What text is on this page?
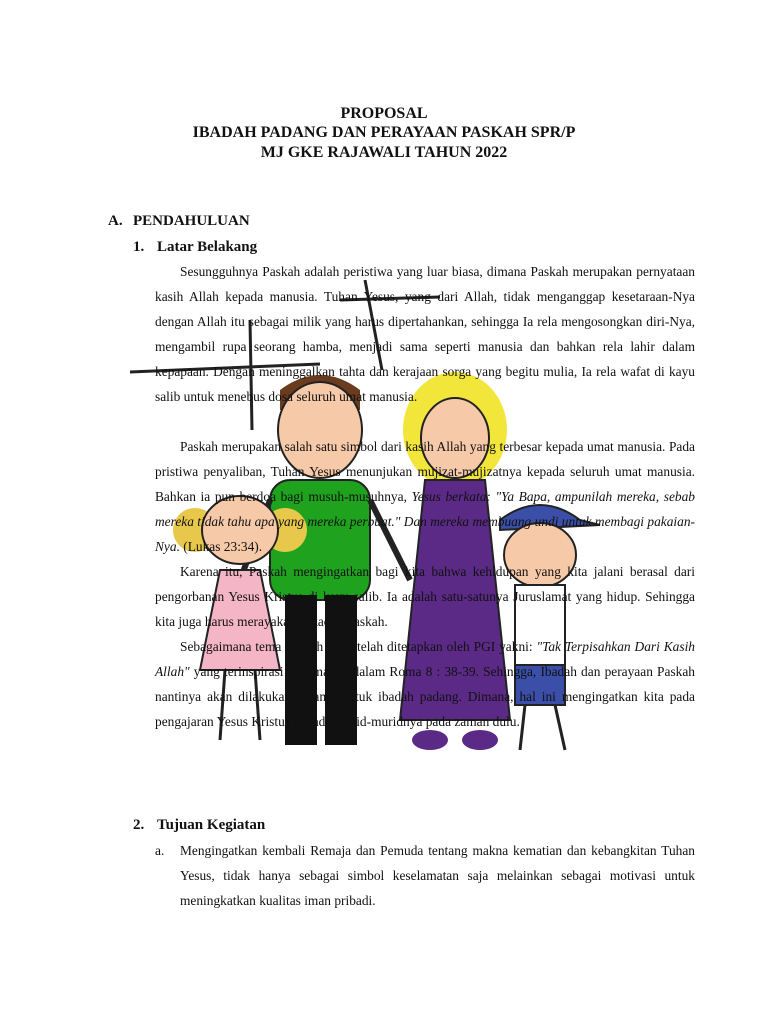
PROPOSAL
IBADAH PADANG DAN PERAYAAN PASKAH SPR/P
MJ GKE RAJAWALI TAHUN 2022
A. PENDAHULUAN
1. Latar Belakang
Sesungguhnya Paskah adalah peristiwa yang luar biasa, dimana Paskah merupakan pernyataan kasih Allah kepada manusia. Tuhan Yesus, yang dari Allah, tidak menganggap kesetaraan-Nya dengan Allah itu sebagai milik yang harus dipertahankan, sehingga Ia rela mengosongkan diri-Nya, mengambil rupa seorang hamba, menjadi sama seperti manusia dan bahkan rela lahir dalam kepapaan. Dengan meninggalkan tahta dan kerajaan sorga yang begitu mulia, Ia rela wafat di kayu salib untuk menebus dosa seluruh umat manusia.
Paskah merupakan salah satu simbol dari kasih Allah yang terbesar kepada umat manusia. Pada pristiwa penyaliban, Tuhan Yesus menunjukan mujizat-mujizatnya kepada seluruh umat manusia. Bahkan ia pun berdoa bagi musuh-musuhnya, Yesus berkata: "Ya Bapa, ampunilah mereka, sebab mereka tidak tahu apa yang mereka perbuat." Dan mereka membuang undi untuk membagi pakaian-Nya. (Lukas 23:34).
Karena itu, Paskah mengingatkan bagi kita bahwa kehidupan yang kita jalani berasal dari pengorbanan Yesus Kristus di kayu salib. Ia adalah satu-satunya Juruslamat yang hidup. Sehingga kita juga harus merayakan sukacita Paskah.
Sebagaimana tema Paskah yang telah ditetapkan oleh PGI yakni: "Tak Terpisahkan Dari Kasih Allah" yang terinspirasi dari makna dalam Roma 8 : 38-39. Sehingga, Ibadah dan perayaan Paskah nantinya akan dilakukan dalam bentuk ibadah padang. Dimana, hal ini mengingatkan kita pada pengajaran Yesus Kristus kepada murid-muridnya pada zaman dulu.
2. Tujuan Kegiatan
a. Mengingatkan kembali Remaja dan Pemuda tentang makna kematian dan kebangkitan Tuhan Yesus, tidak hanya sebagai simbol keselamatan saja melainkan sebagai motivasi untuk meningkatkan kualitas iman pribadi.
